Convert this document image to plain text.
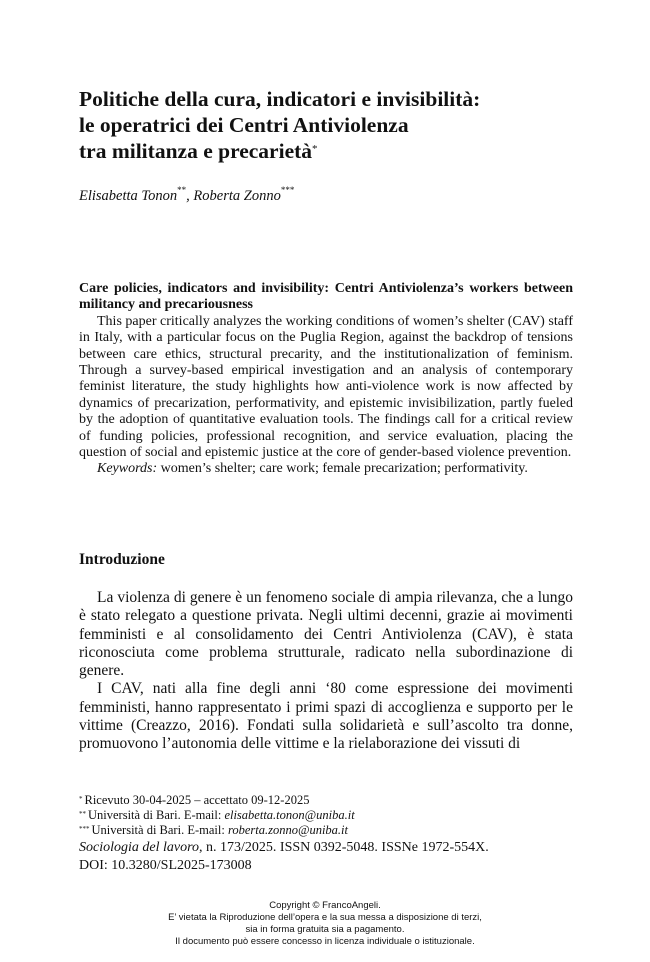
Politiche della cura, indicatori e invisibilità:
le operatrici dei Centri Antiviolenza
tra militanza e precarietà*
Elisabetta Tonon**, Roberta Zonno***
Care policies, indicators and invisibility: Centri Antiviolenza’s workers between militancy and precariousness
This paper critically analyzes the working conditions of women’s shelter (CAV) staff in Italy, with a particular focus on the Puglia Region, against the backdrop of tensions between care ethics, structural precarity, and the institutionalization of feminism. Through a survey-based empirical investigation and an analysis of contemporary feminist literature, the study highlights how anti-violence work is now affected by dynamics of precarization, performativity, and epistemic invisibilization, partly fueled by the adoption of quantitative evaluation tools. The findings call for a critical review of funding policies, professional recognition, and service evaluation, placing the question of social and epistemic justice at the core of gender-based violence prevention.
Keywords: women’s shelter; care work; female precarization; performativity.
Introduzione

La violenza di genere è un fenomeno sociale di ampia rilevanza, che a lungo è stato relegato a questione privata. Negli ultimi decenni, grazie ai movimenti femministi e al consolidamento dei Centri Antiviolenza (CAV), è stata riconosciuta come problema strutturale, radicato nella subordinazione di genere.

I CAV, nati alla fine degli anni ‘80 come espressione dei movimenti femministi, hanno rappresentato i primi spazi di accoglienza e supporto per le vittime (Creazzo, 2016). Fondati sulla solidarietà e sull’ascolto tra donne, promuovono l’autonomia delle vittime e la rielaborazione dei vissuti di

* Ricevuto 30-04-2025 – accettato 09-12-2025
** Università di Bari. E-mail: elisabetta.tonon@uniba.it
*** Università di Bari. E-mail: roberta.zonno@uniba.it
Sociologia del lavoro, n. 173/2025. ISSN 0392-5048. ISSNe 1972-554X.
DOI: 10.3280/SL2025-173008
Copyright © FrancoAngeli.
E’ vietata la Riproduzione dell’opera e la sua messa a disposizione di terzi,
sia in forma gratuita sia a pagamento.
Il documento può essere concesso in licenza individuale o istituzionale.
